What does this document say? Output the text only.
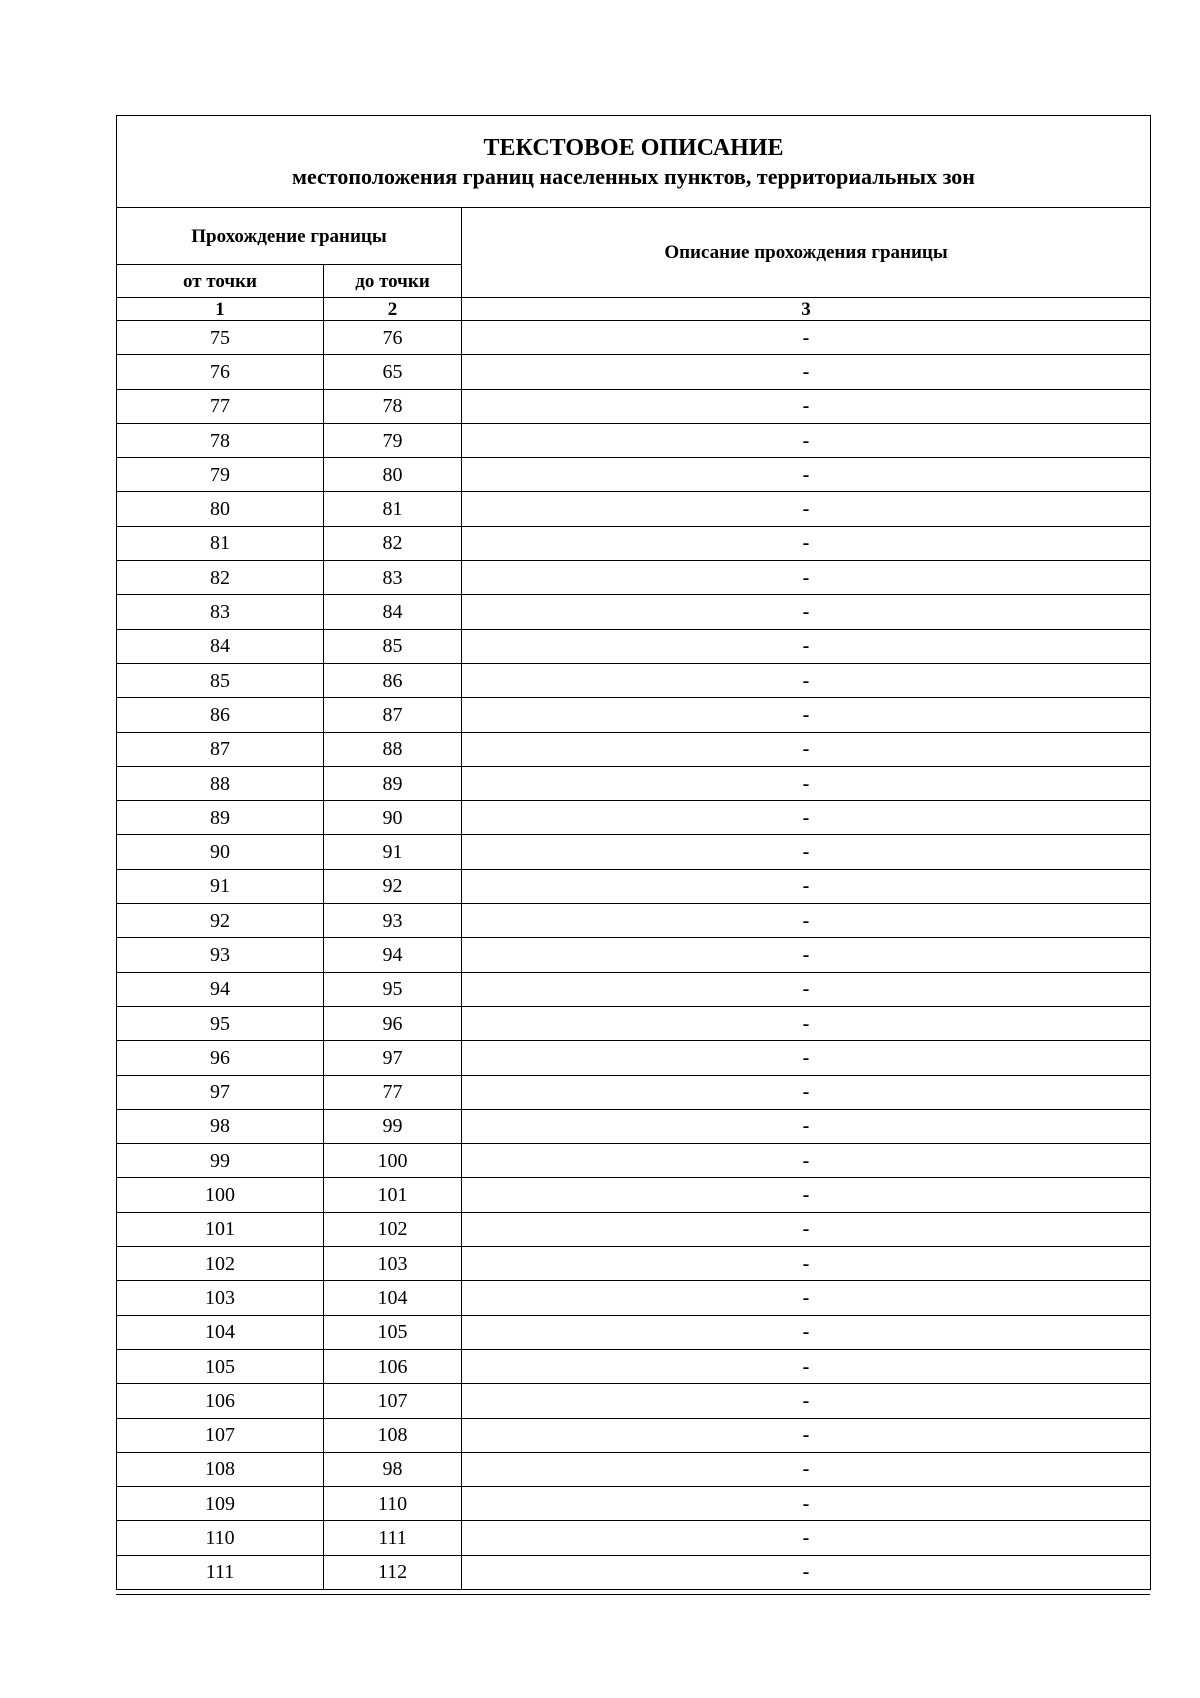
ТЕКСТОВОЕ ОПИСАНИЕ
местоположения границ населенных пунктов, территориальных зон		

Прохождение границы		Описание прохождения границы
от точки	до точки	
1	2	3
75	76	-
76	65	-
77	78	-
78	79	-
79	80	-
80	81	-
81	82	-
82	83	-
83	84	-
84	85	-
85	86	-
86	87	-
87	88	-
88	89	-
89	90	-
90	91	-
91	92	-
92	93	-
93	94	-
94	95	-
95	96	-
96	97	-
97	77	-
98	99	-
99	100	-
100	101	-
101	102	-
102	103	-
103	104	-
104	105	-
105	106	-
106	107	-
107	108	-
108	98	-
109	110	-
110	111	-
111	112	-
